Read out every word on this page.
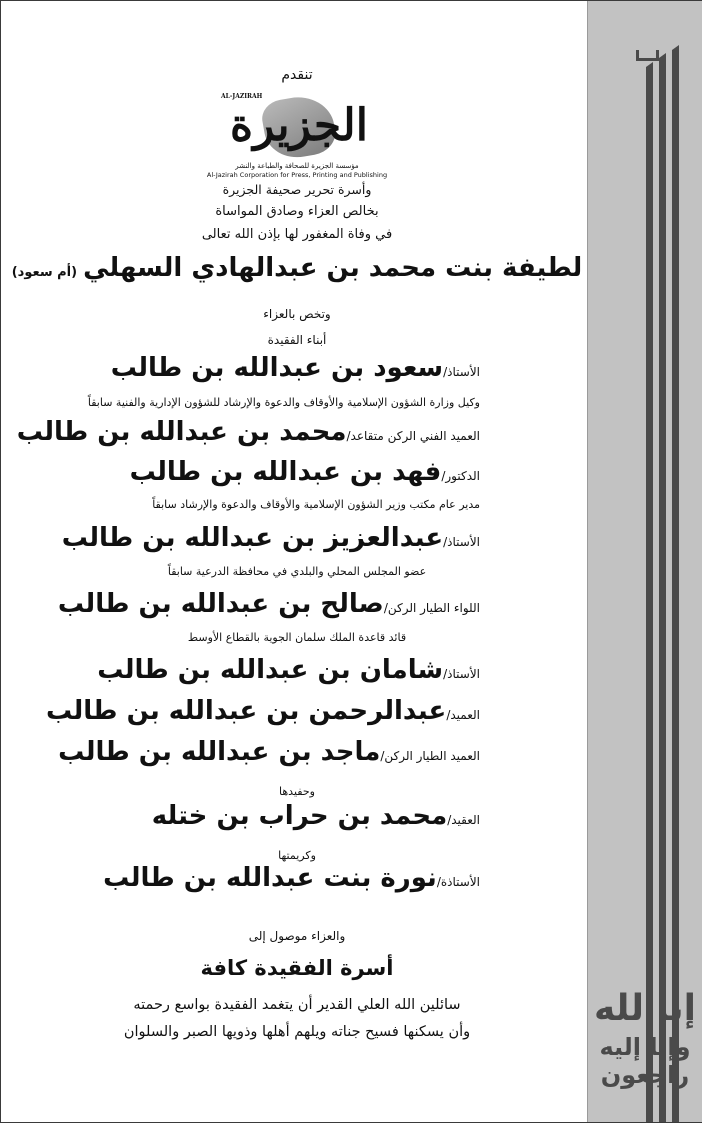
تنقدم
AL-JAZIRAH
الجزيرة
مؤسسة الجزيرة للصحافة والطباعة والنشر
Al-Jazirah Corporation for Press, Printing and Publishing
وأسرة تحرير صحيفة الجزيرة
بخالص العزاء وصادق المواساة
في وفاة المغفور لها بإذن الله تعالى
لطيفة بنت محمد بن عبدالهادي السهلي(أم سعود)
وتخص بالعزاء
أبناء الفقيدة
الأستاذ/سعود بن عبدالله بن طالب
وكيل وزارة الشؤون الإسلامية والأوقاف والدعوة والإرشاد للشؤون الإدارية والفنية سابقاً
العميد الفني الركن متقاعد/محمد بن عبدالله بن طالب
الدكتور/فهد بن عبدالله بن طالب
مدير عام مكتب وزير الشؤون الإسلامية والأوقاف والدعوة والإرشاد سابقاً
الأستاذ/عبدالعزيز بن عبدالله بن طالب
عضو المجلس المحلي والبلدي في محافظة الدرعية سابقاً
اللواء الطيار الركن/صالح بن عبدالله بن طالب
قائد قاعدة الملك سلمان الجوية بالقطاع الأوسط
الأستاذ/شامان بن عبدالله بن طالب
العميد/عبدالرحمن بن عبدالله بن طالب
العميد الطيار الركن/ماجد بن عبدالله بن طالب
وحفيدها
العقيد/محمد بن حراب بن ختله
وكريمتها
الأستاذة/نورة بنت عبدالله بن طالب
والعزاء موصول إلى
أسرة الفقيدة كافة
سائلين الله العلي القدير أن يتغمد الفقيدة بواسع رحمته
وأن يسكنها فسيح جناته ويلهم أهلها وذويها الصبر والسلوان
إنا لله
وإنا إليه
راجعون
